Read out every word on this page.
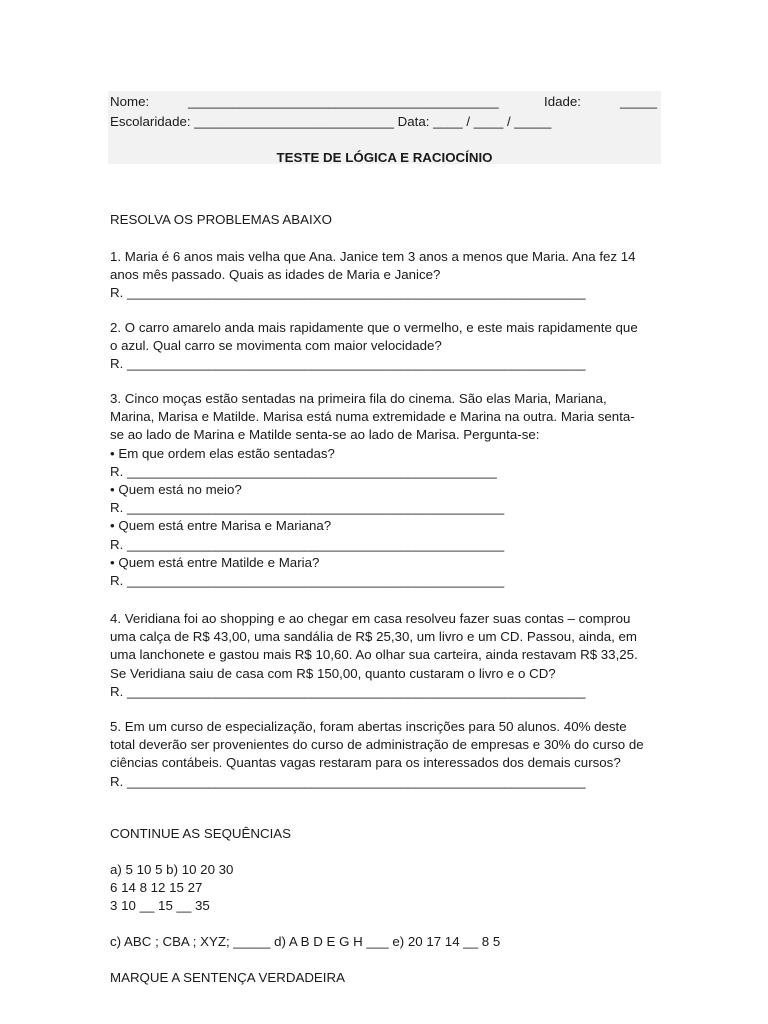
Nome:	__________________________________________	Idade:	_____
Escolaridade: ___________________________ Data: ____ / ____ / _____
TESTE DE LÓGICA E RACIOCÍNIO
RESOLVA OS PROBLEMAS ABAIXO

1. Maria é 6 anos mais velha que Ana. Janice tem 3 anos a menos que Maria. Ana fez 14

anos mês passado. Quais as idades de Maria e Janice?

R. ______________________________________________________________

2. O carro amarelo anda mais rapidamente que o vermelho, e este mais rapidamente que

o azul. Qual carro se movimenta com maior velocidade?

R. ______________________________________________________________

3. Cinco moças estão sentadas na primeira fila do cinema. São elas Maria, Mariana,

Marina, Marisa e Matilde. Marisa está numa extremidade e Marina na outra. Maria senta-

se ao lado de Marina e Matilde senta-se ao lado de Marisa. Pergunta-se:

• Em que ordem elas estão sentadas?

R. __________________________________________________

• Quem está no meio?

R. ___________________________________________________

• Quem está entre Marisa e Mariana?

R. ___________________________________________________

• Quem está entre Matilde e Maria?

R. ___________________________________________________

4. Veridiana foi ao shopping e ao chegar em casa resolveu fazer suas contas – comprou

uma calça de R$ 43,00, uma sandália de R$ 25,30, um livro e um CD. Passou, ainda, em

uma lanchonete e gastou mais R$ 10,60. Ao olhar sua carteira, ainda restavam R$ 33,25.

Se Veridiana saiu de casa com R$ 150,00, quanto custaram o livro e o CD?

R. ______________________________________________________________

5. Em um curso de especialização, foram abertas inscrições para 50 alunos. 40% deste

total deverão ser provenientes do curso de administração de empresas e 30% do curso de

ciências contábeis. Quantas vagas restaram para os interessados dos demais cursos?

R. ______________________________________________________________

CONTINUE AS SEQUÊNCIAS

a) 5 10 5 b) 10 20 30

6 14 8 12 15 27

3 10 __ 15 __ 35

c) ABC ; CBA ; XYZ; _____ d) A B D E G H ___ e) 20 17 14 __ 8 5
MARQUE A SENTENÇA VERDADEIRA
